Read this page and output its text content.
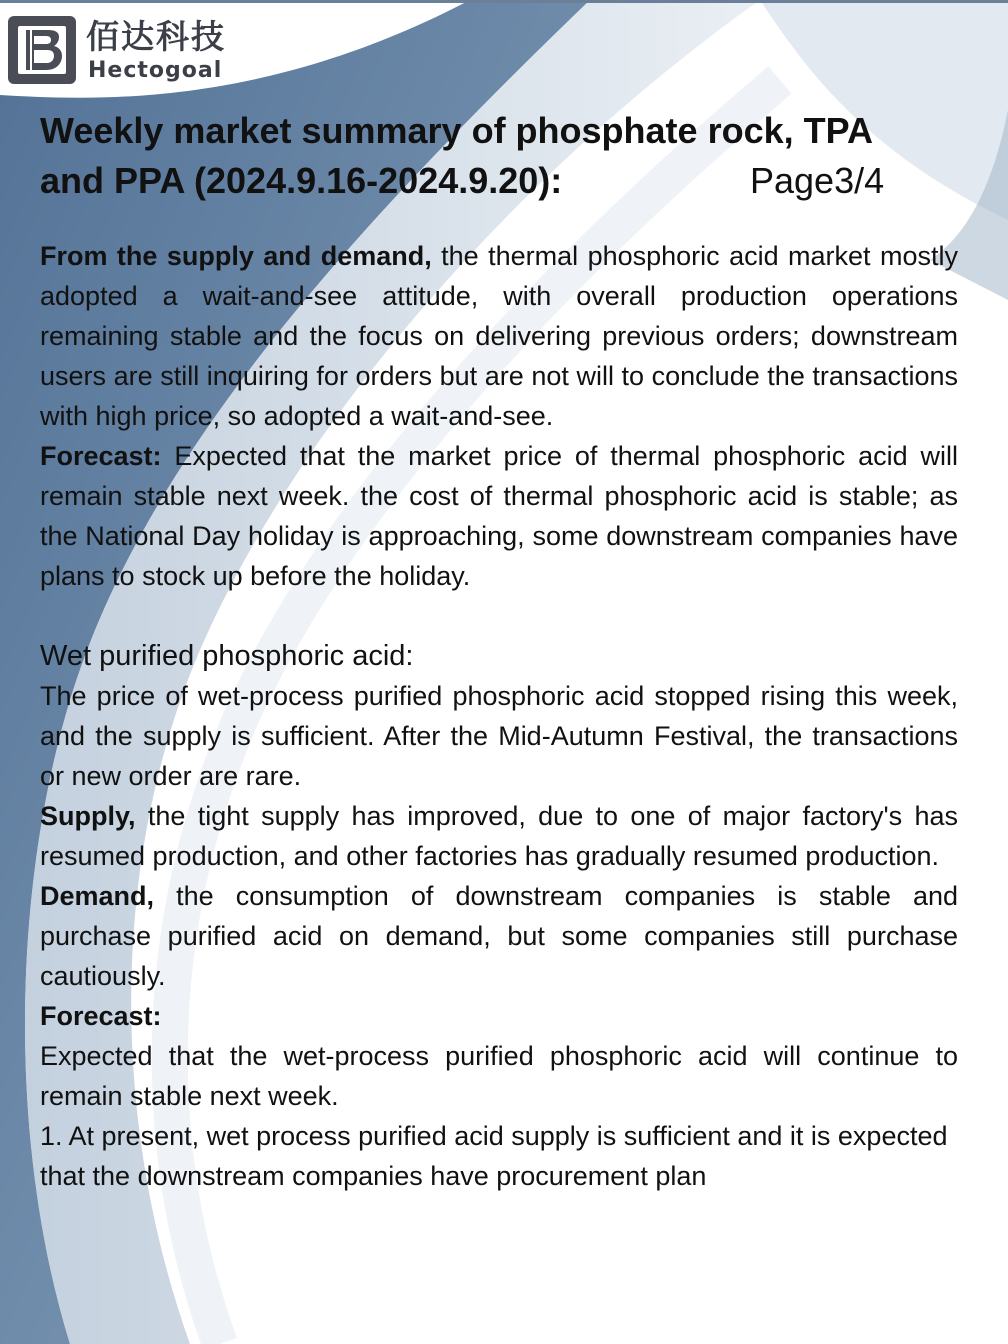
佰达科技
Hectogoal
Weekly market summary of phosphate rock, TPA and PPA (2024.9.16-2024.9.20):	Page3/4

From the supply and demand, the thermal phosphoric acid market mostly adopted a wait-and-see attitude, with overall production operations remaining stable and the focus on delivering previous orders; downstream users are still inquiring for orders but are not will to conclude the transactions with high price, so adopted a wait-and-see.

Forecast: Expected that the market price of thermal phosphoric acid will remain stable next week. the cost of thermal phosphoric acid is stable; as the National Day holiday is approaching, some downstream companies have plans to stock up before the holiday.

Wet purified phosphoric acid:

The price of wet-process purified phosphoric acid stopped rising this week, and the supply is sufficient. After the Mid-Autumn Festival, the transactions or new order are rare.

Supply, the tight supply has improved, due to one of major factory's has resumed production, and other factories has gradually resumed production.

Demand, the consumption of downstream companies is stable and purchase purified acid on demand, but some companies still purchase cautiously.

Forecast:

Expected that the wet-process purified phosphoric acid will continue to remain stable next week.

1. At present, wet process purified acid supply is sufficient and it is expected that the downstream companies have procurement plan
